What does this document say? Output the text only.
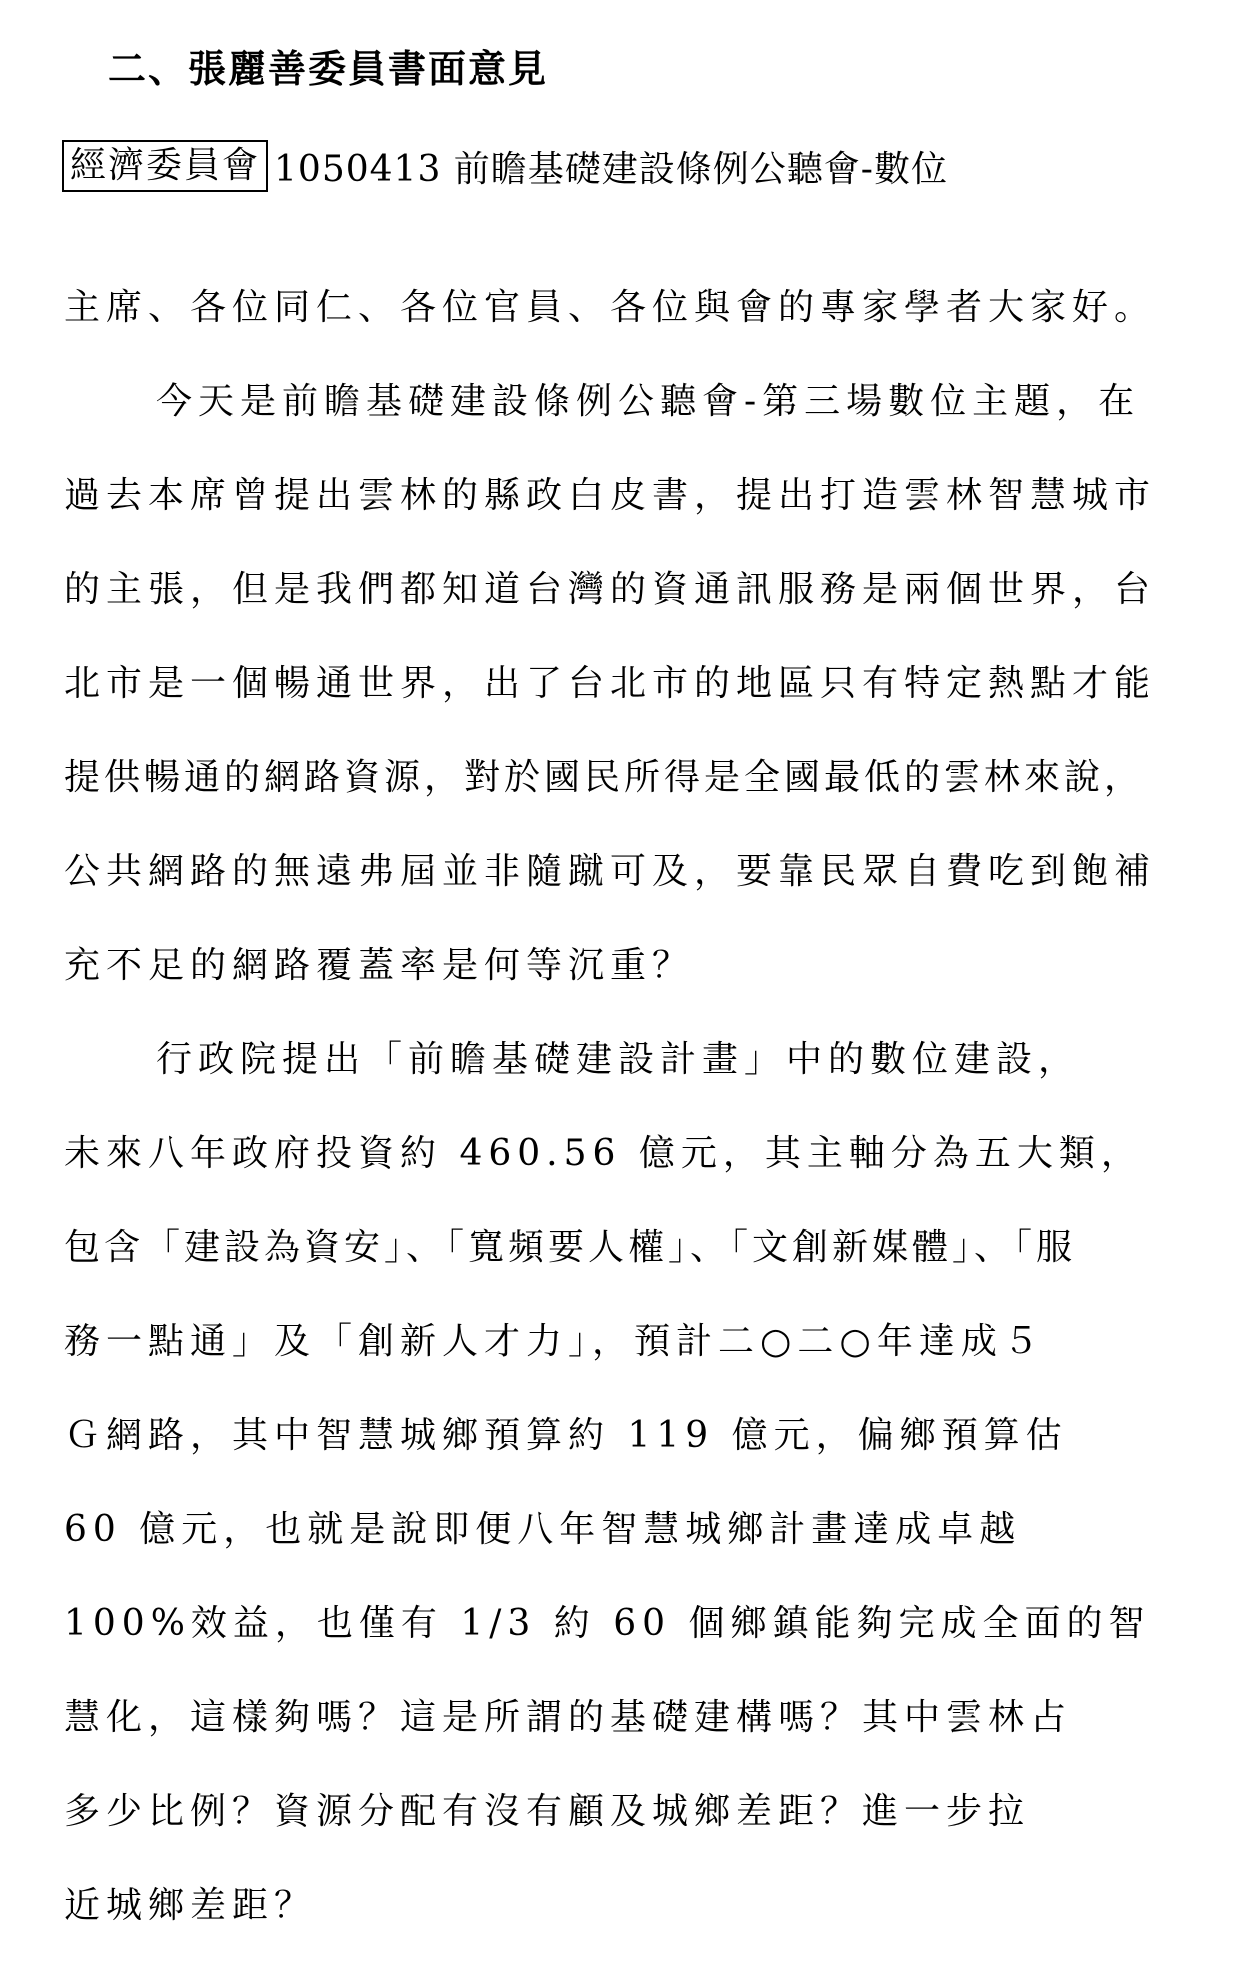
二、張麗善委員書面意見
經濟委員會 1050413 前瞻基礎建設條例公聽會-數位
主席、各位同仁、各位官員、各位與會的專家學者大家好。
今天是前瞻基礎建設條例公聽會-第三場數位主題，在
過去本席曾提出雲林的縣政白皮書，提出打造雲林智慧城市
的主張，但是我們都知道台灣的資通訊服務是兩個世界，台
北市是一個暢通世界，出了台北市的地區只有特定熱點才能
提供暢通的網路資源，對於國民所得是全國最低的雲林來說，
公共網路的無遠弗屆並非隨蹴可及，要靠民眾自費吃到飽補
充不足的網路覆蓋率是何等沉重？
行政院提出「前瞻基礎建設計畫」中的數位建設，
未來八年政府投資約 460.56 億元，其主軸分為五大類，
包含「建設為資安」、「寬頻要人權」、「文創新媒體」、「服
務一點通」及「創新人才力」，預計二○二○年達成５
Ｇ網路，其中智慧城鄉預算約 119 億元，偏鄉預算估
60 億元，也就是說即便八年智慧城鄉計畫達成卓越
100%效益，也僅有 1/3 約 60 個鄉鎮能夠完成全面的智
慧化，這樣夠嗎？這是所謂的基礎建構嗎？其中雲林占
多少比例？資源分配有沒有顧及城鄉差距？進一步拉
近城鄉差距？
